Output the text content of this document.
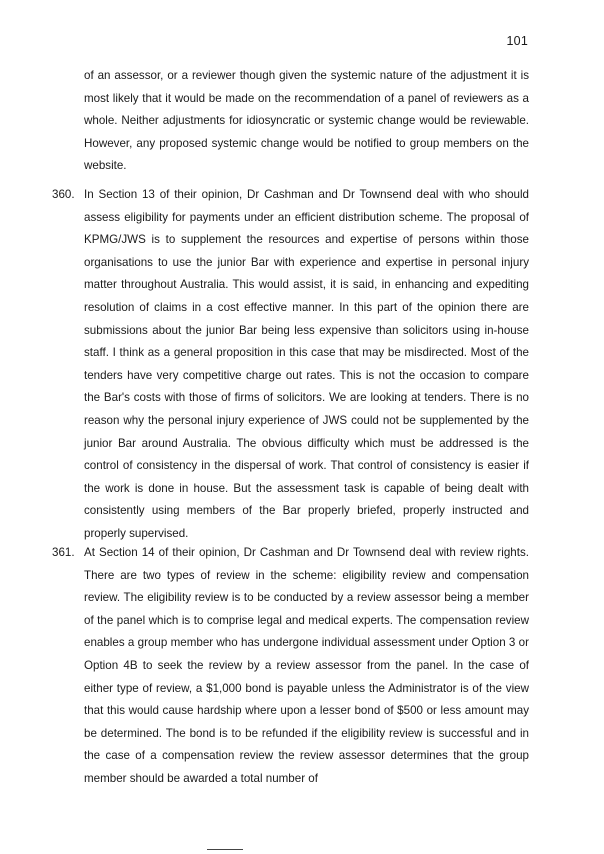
101

of an assessor, or a reviewer though given the systemic nature of the adjustment it is most likely that it would be made on the recommendation of a panel of reviewers as a whole. Neither adjustments for idiosyncratic or systemic change would be reviewable. However, any proposed systemic change would be notified to group members on the website.

360. In Section 13 of their opinion, Dr Cashman and Dr Townsend deal with who should assess eligibility for payments under an efficient distribution scheme. The proposal of KPMG/JWS is to supplement the resources and expertise of persons within those organisations to use the junior Bar with experience and expertise in personal injury matter throughout Australia. This would assist, it is said, in enhancing and expediting resolution of claims in a cost effective manner. In this part of the opinion there are submissions about the junior Bar being less expensive than solicitors using in-house staff. I think as a general proposition in this case that may be misdirected. Most of the tenders have very competitive charge out rates. This is not the occasion to compare the Bar's costs with those of firms of solicitors. We are looking at tenders. There is no reason why the personal injury experience of JWS could not be supplemented by the junior Bar around Australia. The obvious difficulty which must be addressed is the control of consistency in the dispersal of work. That control of consistency is easier if the work is done in house. But the assessment task is capable of being dealt with consistently using members of the Bar properly briefed, properly instructed and properly supervised.

361. At Section 14 of their opinion, Dr Cashman and Dr Townsend deal with review rights. There are two types of review in the scheme: eligibility review and compensation review. The eligibility review is to be conducted by a review assessor being a member of the panel which is to comprise legal and medical experts. The compensation review enables a group member who has undergone individual assessment under Option 3 or Option 4B to seek the review by a review assessor from the panel. In the case of either type of review, a $1,000 bond is payable unless the Administrator is of the view that this would cause hardship where upon a lesser bond of $500 or less amount may be determined. The bond is to be refunded if the eligibility review is successful and in the case of a compensation review the review assessor determines that the group member should be awarded a total number of
